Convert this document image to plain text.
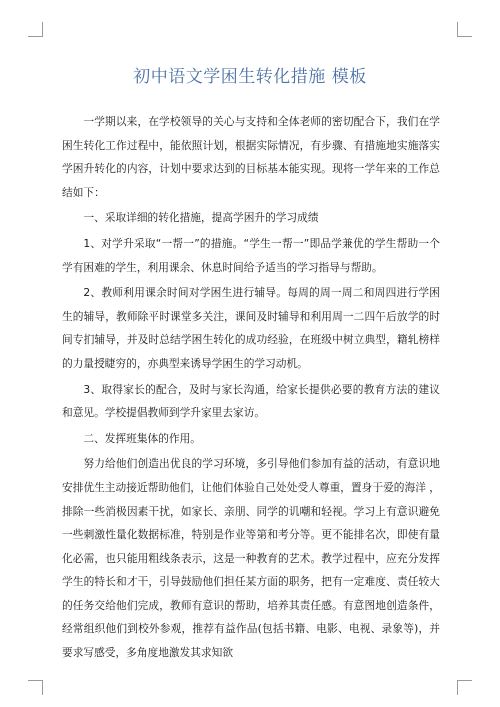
初中语文学困生转化措施 模板

一学期以来，在学校领导的关心与支持和全体老师的密切配合下，我们在学困生转化工作过程中，能依照计划，根据实际情况，有步骤、有措施地实施落实学困升转化的内容，计划中要求达到的目标基本能实现。现将一学年来的工作总结如下：

一、采取详细的转化措施，提高学困升的学习成绩

1、对学升采取“一帮一”的措施。“学生一帮一”即品学兼优的学生帮助一个学有困难的学生，利用课余、休息时间给予适当的学习指导与帮助。

2、教师利用课余时间对学困生进行辅导。每周的周一周二和周四进行学困生的辅导，教师除平时课堂多关注，课间及时辅导和利用周一二四午后放学的时间专扪辅导，并及时总结学困生转化的成功经验，在班级中树立典型，籍轧榜样的力量授睫穷的，亦典型来诱导学困生的学习动机。

3、取得家长的配合，及时与家长沟通，给家长提供必要的教育方法的建议和意见。学校提倡教师到学升家里去家访。

二、发挥班集体的作用。

努力给他们创造出优良的学习环境，多引导他们参加有益的活动，有意识地安排优生主动接近帮助他们，让他们体验自己处处受人尊重，置身于爱的海洋 ，排除一些消极因素干扰，如家长、亲朋、同学的讥嘲和轻视。学习上有意识避免一些刺激性量化数据标准，特别是作业等第和考分等。更不能排名次，即使有量化必需，也只能用粗线条表示，这是一种教育的艺术。教学过程中，应充分发挥学生的特长和才干，引导鼓励他们担任某方面的职务，把有一定难度、责任较大的任务交给他们完成，教师有意识的帮助，培养其责任感。有意图地创造条件，经常组织他们到校外参观，推荐有益作品(包括书籍、电影、电视、录象等)，并要求写感受，多角度地激发其求知欲
